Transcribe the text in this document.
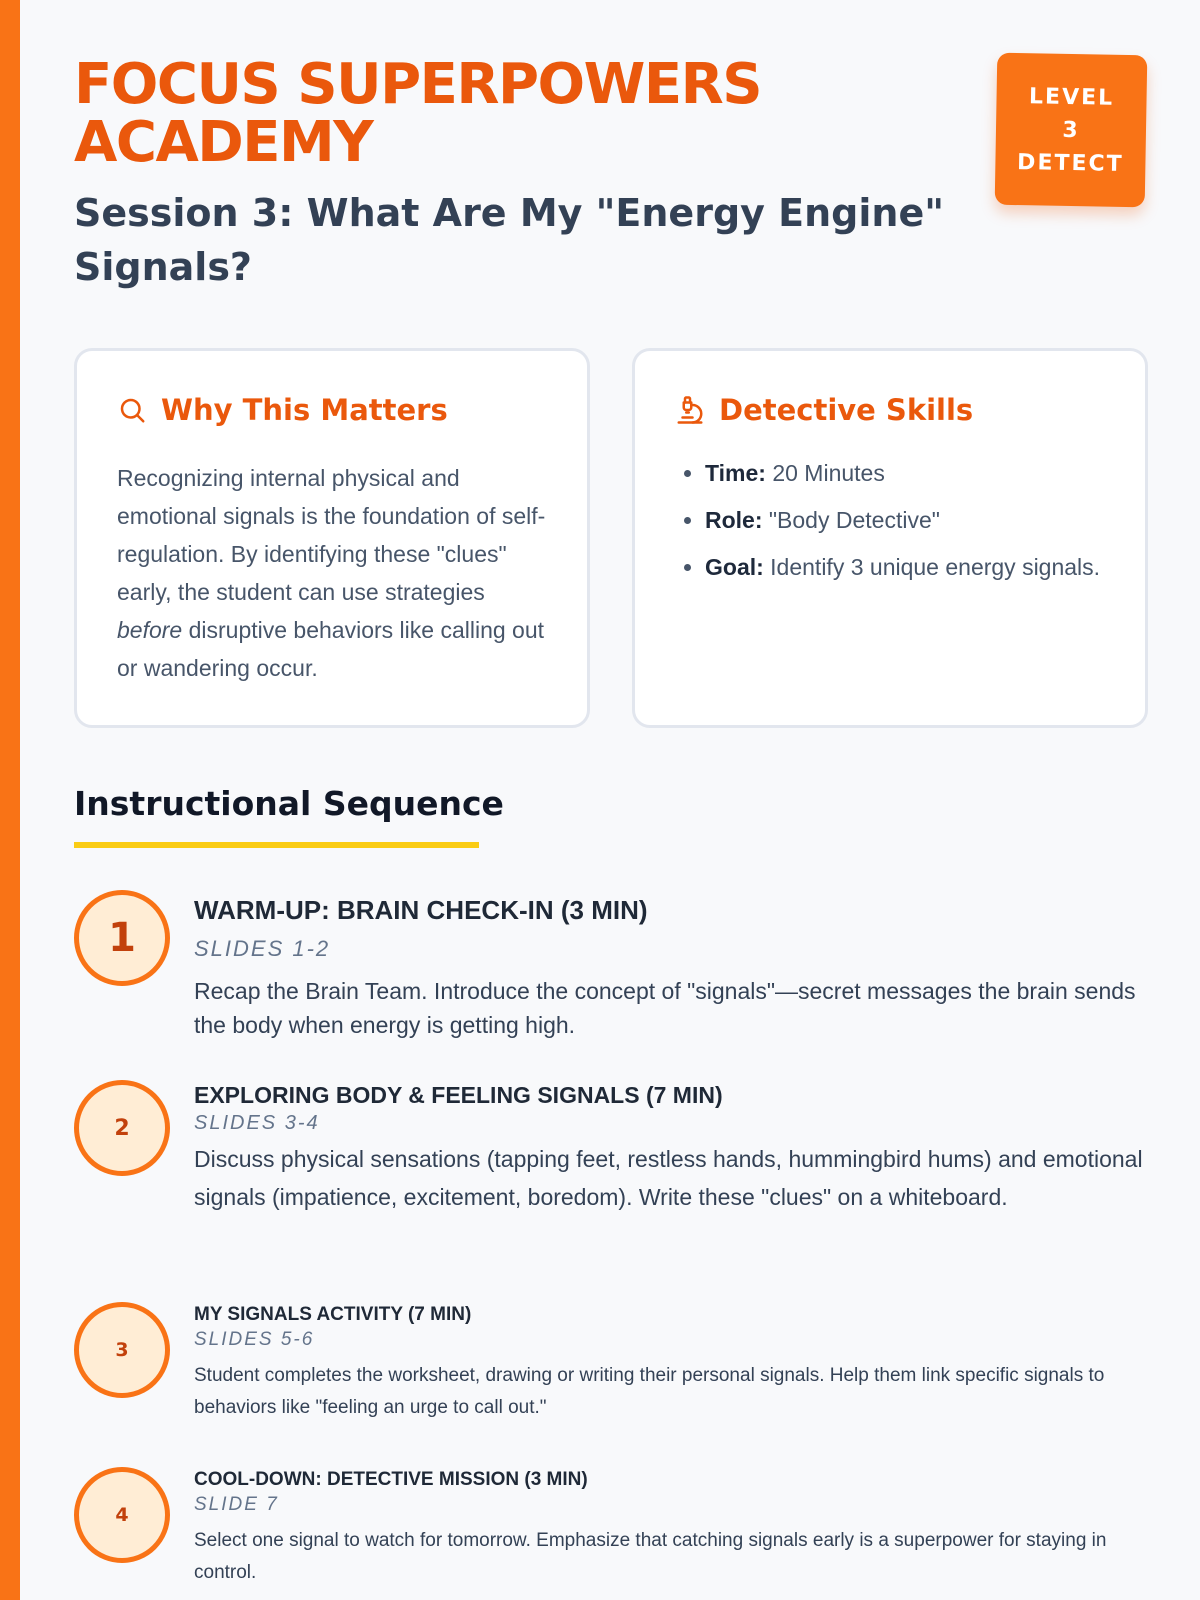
FOCUS SUPERPOWERS ACADEMY
Session 3: What Are My "Energy Engine" Signals?
LEVEL
3
DETECT
Why This Matters

Recognizing internal physical and emotional signals is the foundation of self-regulation. By identifying these "clues" early, the student can use strategies before disruptive behaviors like calling out or wandering occur.

Detective Skills
• Time: 20 Minutes
• Role: "Body Detective"
• Goal: Identify 3 unique energy signals.
Instructional Sequence
1
WARM-UP: BRAIN CHECK-IN (3 MIN)
SLIDES 1-2

Recap the Brain Team. Introduce the concept of "signals"—secret messages the brain sends the body when energy is getting high.

2
EXPLORING BODY & FEELING SIGNALS (7 MIN)
SLIDES 3-4

Discuss physical sensations (tapping feet, restless hands, hummingbird hums) and emotional signals (impatience, excitement, boredom). Write these "clues" on a whiteboard.

3
MY SIGNALS ACTIVITY (7 MIN)
SLIDES 5-6

Student completes the worksheet, drawing or writing their personal signals. Help them link specific signals to behaviors like "feeling an urge to call out."

4
COOL-DOWN: DETECTIVE MISSION (3 MIN)
SLIDE 7

Select one signal to watch for tomorrow. Emphasize that catching signals early is a superpower for staying in control.
